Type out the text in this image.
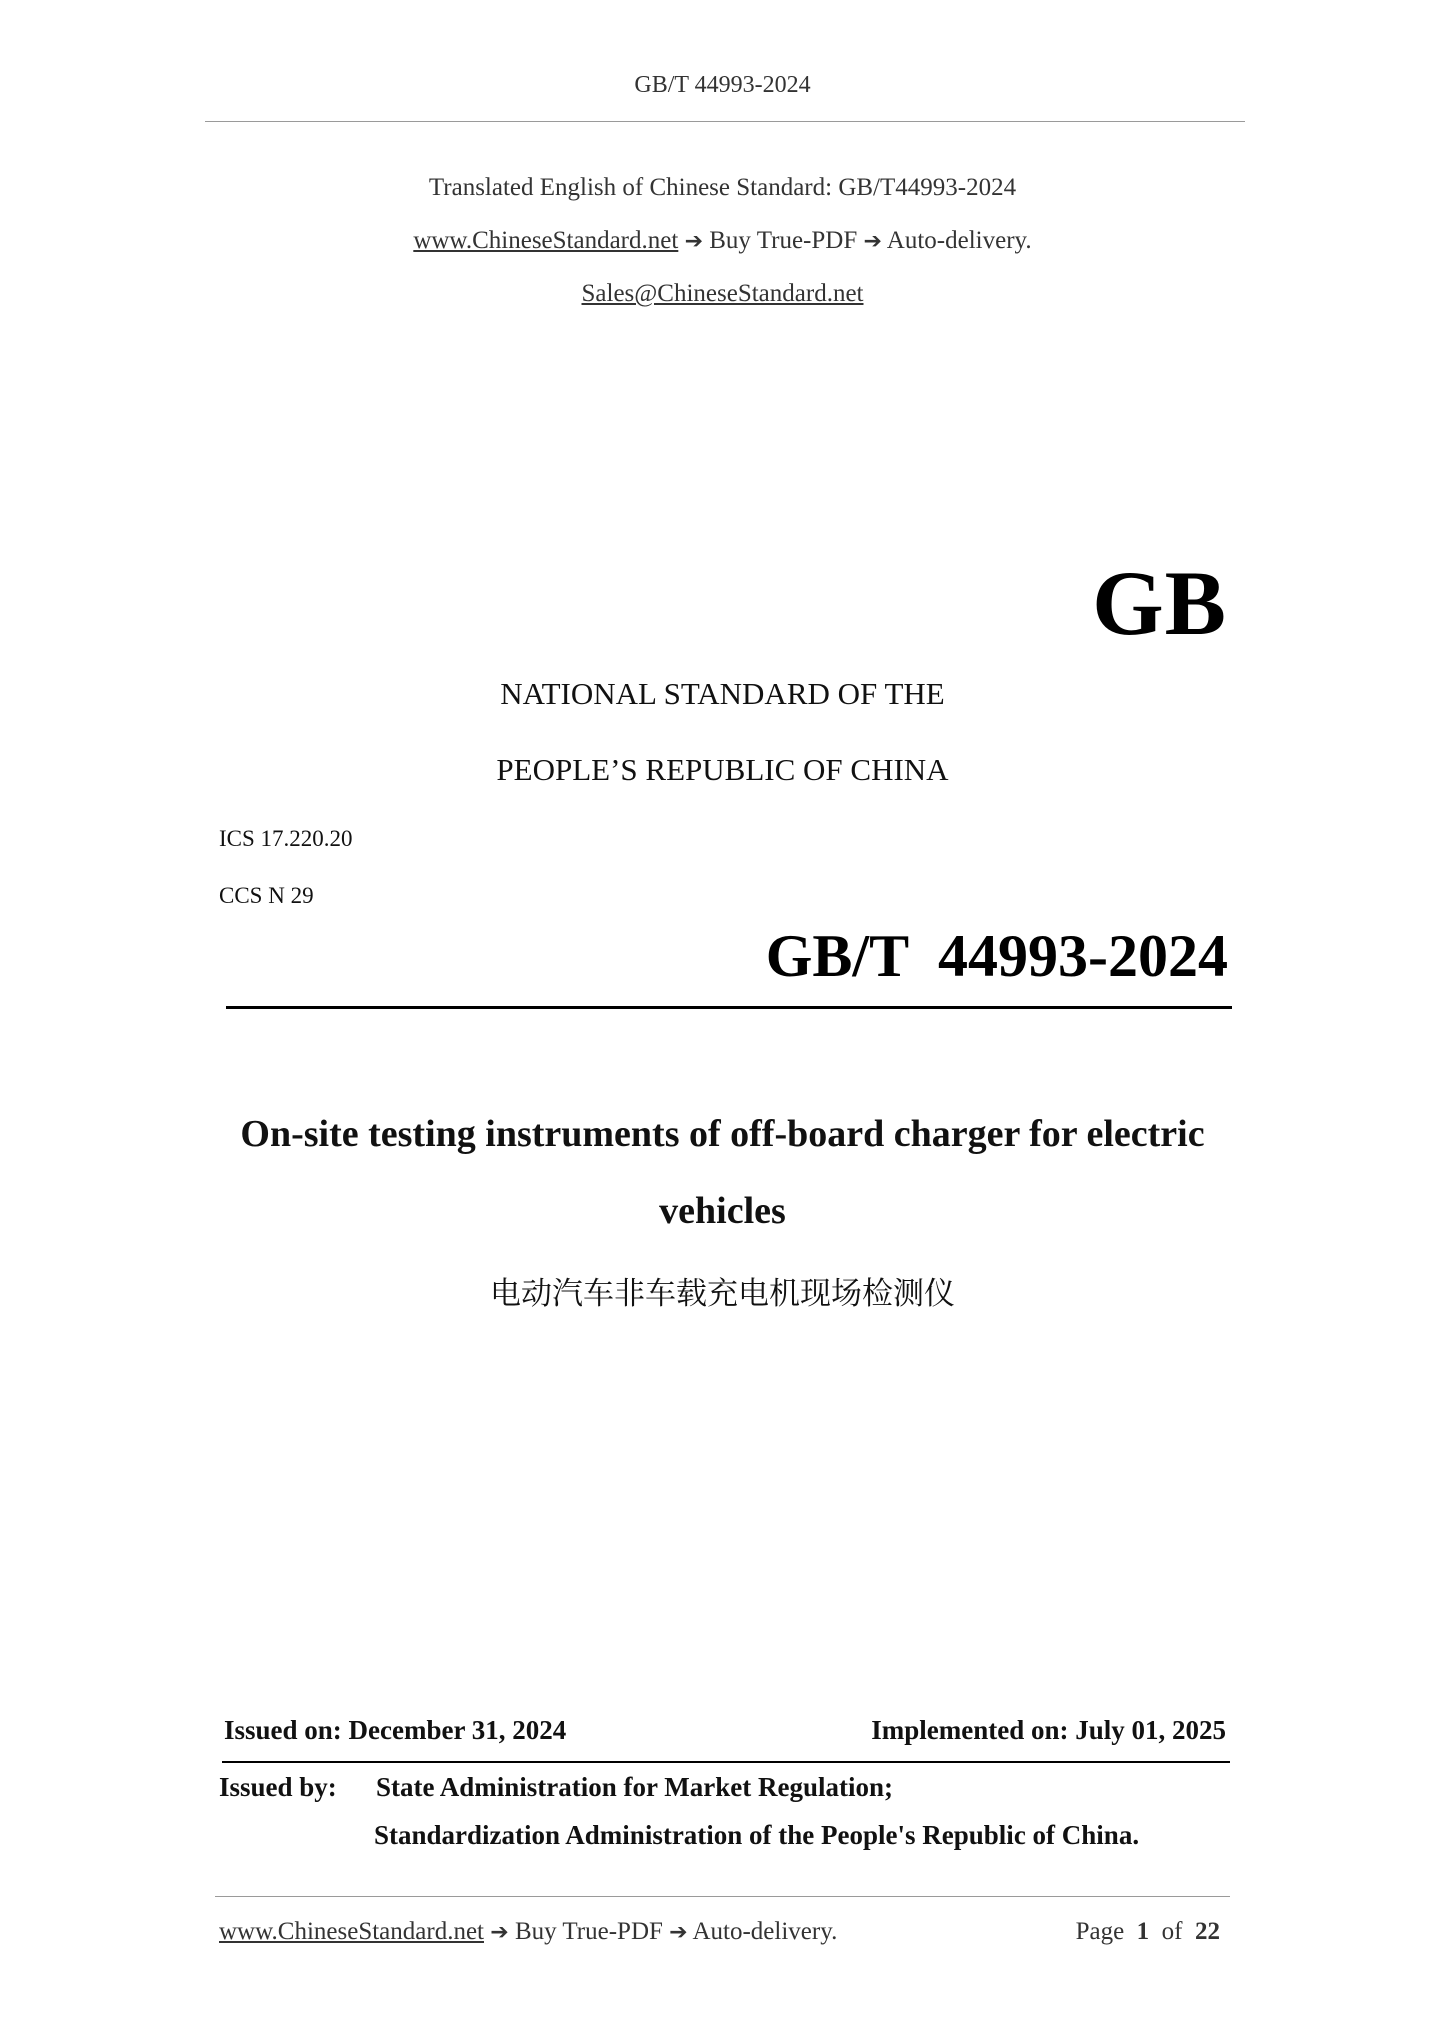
GB/T 44993-2024
Translated English of Chinese Standard: GB/T44993-2024
www.ChineseStandard.net ➔ Buy True-PDF ➔ Auto-delivery.
Sales@ChineseStandard.net
GB
NATIONAL STANDARD OF THE
PEOPLE’S REPUBLIC OF CHINA
ICS 17.220.20
CCS N 29
GB/T  44993-2024
On-site testing instruments of off-board charger for electric
vehicles
电动汽车非车载充电机现场检测仪
Issued on: December 31, 2024	Implemented on: July 01, 2025
Issued by: State Administration for Market Regulation;
Standardization Administration of the People's Republic of China.
www.ChineseStandard.net ➔ Buy True-PDF ➔ Auto-delivery.	Page 1 of 22
